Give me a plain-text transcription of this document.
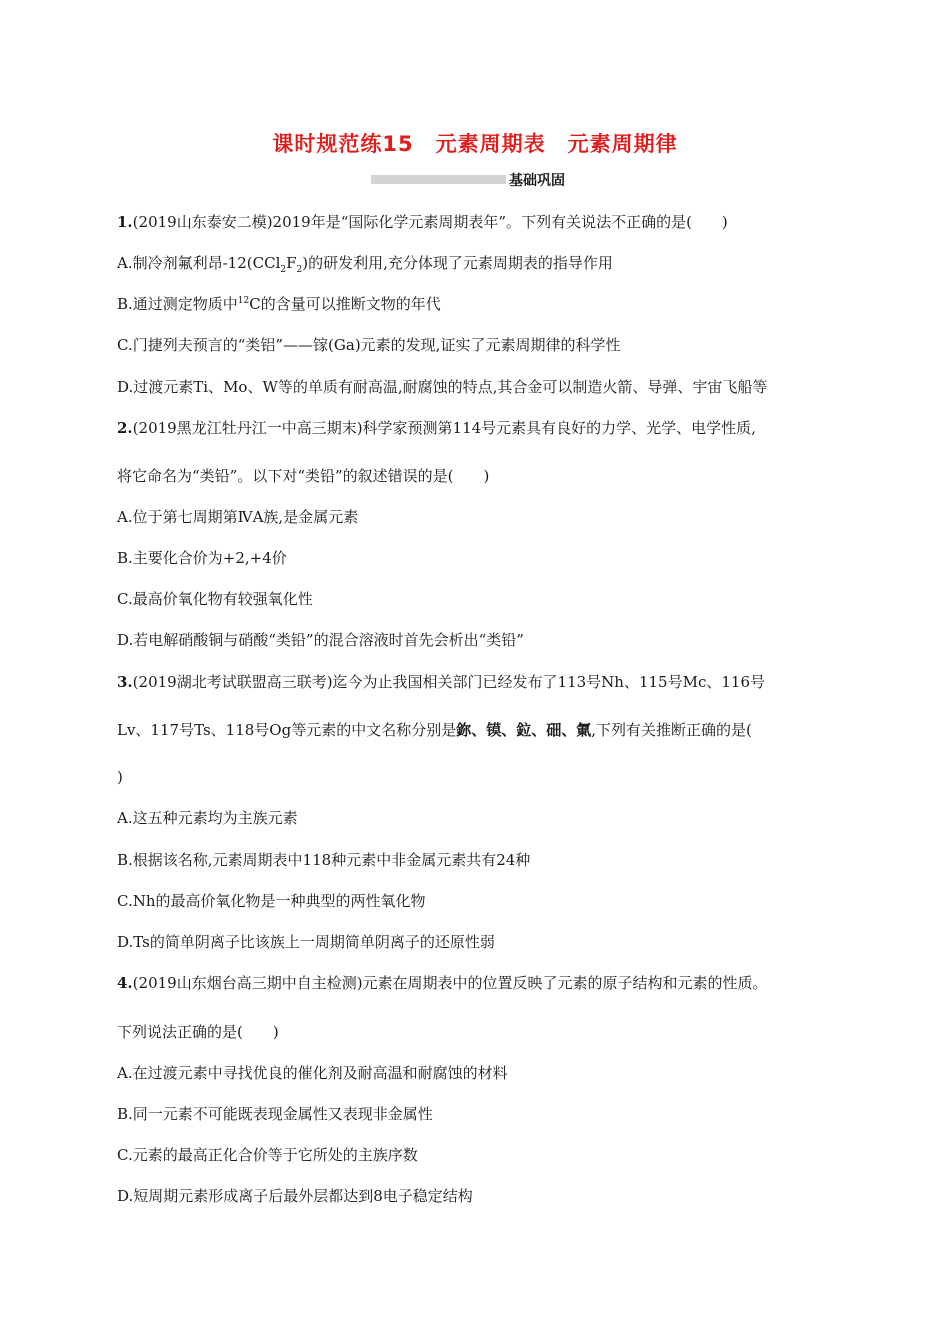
课时规范练15　元素周期表　元素周期律
基础巩固
1.(2019山东泰安二模)2019年是“国际化学元素周期表年”。下列有关说法不正确的是(　　)
A.制冷剂氟利昂$-12(CCl_2F_2)$的研发利用,充分体现了元素周期表的指导作用
B.通过测定物质中$^{12}$C的含量可以推断文物的年代
C.门捷列夫预言的“类铝”——镓(Ga)元素的发现,证实了元素周期律的科学性
D.过渡元素Ti、Mo、W等的单质有耐高温,耐腐蚀的特点,其合金可以制造火箭、导弹、宇宙飞船等
2.(2019黑龙江牡丹江一中高三期末)科学家预测第114号元素具有良好的力学、光学、电学性质,
将它命名为“类铅”。以下对“类铅”的叙述错误的是(　　)
A.位于第七周期第ⅣA族,是金属元素
B.主要化合价为+2,+4价
C.最高价氧化物有较强氧化性
D.若电解硝酸铜与硝酸“类铅”的混合溶液时首先会析出“类铅”
3.(2019湖北考试联盟高三联考)迄今为止我国相关部门已经发布了113号Nh、115号Mc、116号
Lv、117号Ts、118号Og等元素的中文名称分别是鉨、镆、鉝、鿬、氭,下列有关推断正确的是(
)
A.这五种元素均为主族元素
B.根据该名称,元素周期表中118种元素中非金属元素共有24种
C.Nh的最高价氧化物是一种典型的两性氧化物
D.Ts的简单阴离子比该族上一周期简单阴离子的还原性弱
4.(2019山东烟台高三期中自主检测)元素在周期表中的位置反映了元素的原子结构和元素的性质。
下列说法正确的是(　　)
A.在过渡元素中寻找优良的催化剂及耐高温和耐腐蚀的材料
B.同一元素不可能既表现金属性又表现非金属性
C.元素的最高正化合价等于它所处的主族序数
D.短周期元素形成离子后最外层都达到8电子稳定结构
